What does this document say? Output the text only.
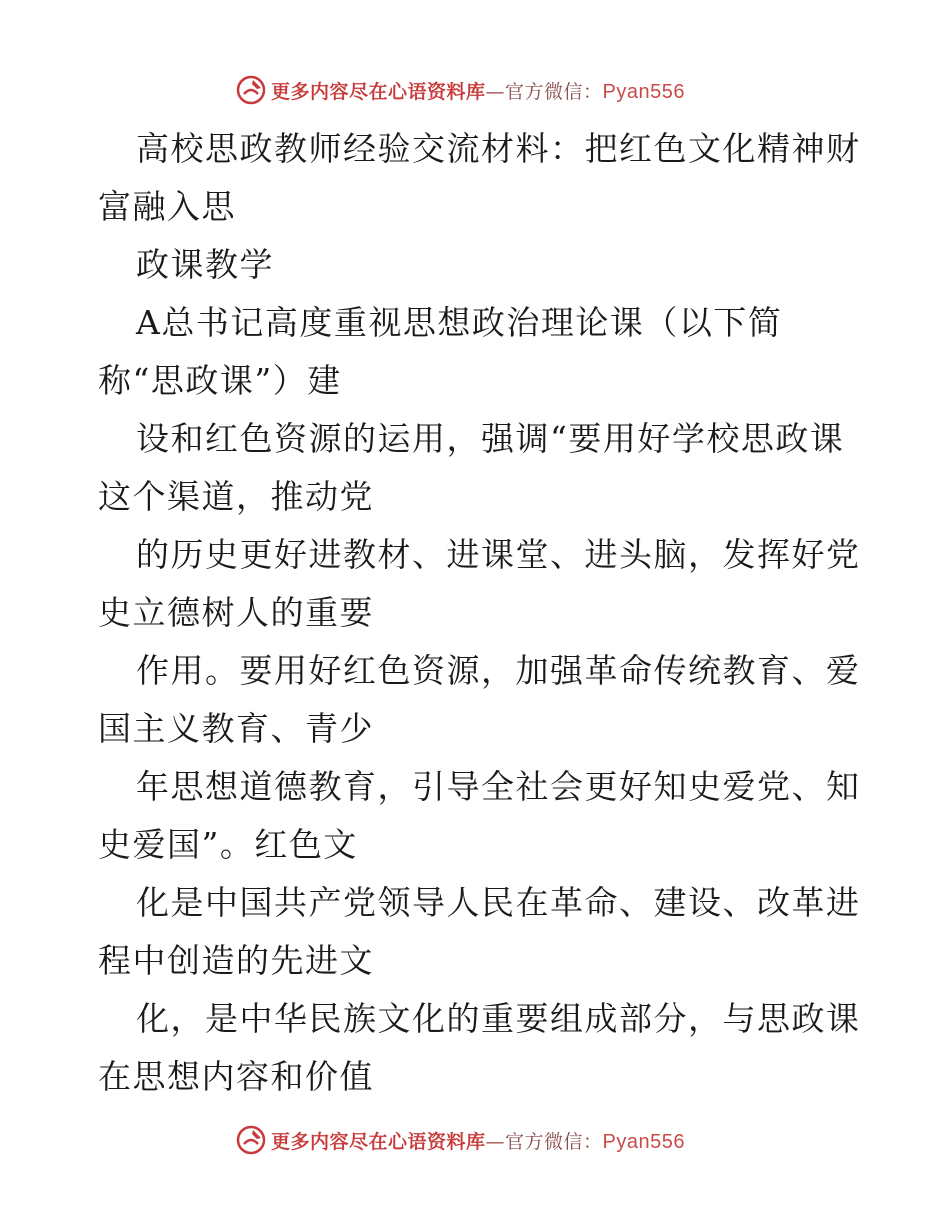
更多内容尽在心语资料库—官方微信：Pyan556
高校思政教师经验交流材料：把红色文化精神财
富融入思
政课教学
A总书记高度重视思想政治理论课（以下简
称“思政课”）建
设和红色资源的运用，强调“要用好学校思政课
这个渠道，推动党
的历史更好进教材、进课堂、进头脑，发挥好党
史立德树人的重要
作用。要用好红色资源，加强革命传统教育、爱
国主义教育、青少
年思想道德教育，引导全社会更好知史爱党、知
史爱国”。红色文
化是中国共产党领导人民在革命、建设、改革进
程中创造的先进文
化，是中华民族文化的重要组成部分，与思政课
在思想内容和价值
更多内容尽在心语资料库—官方微信：Pyan556
